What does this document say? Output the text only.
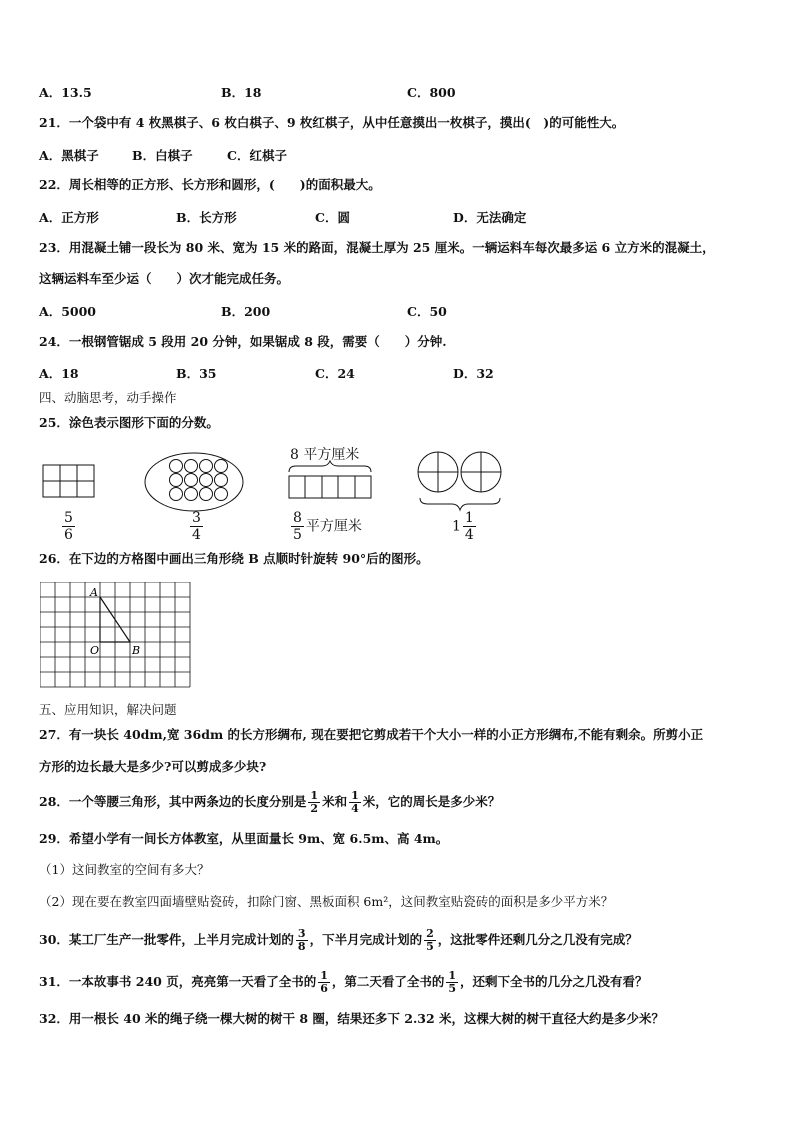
A．13.5	B．18	C．800
21．一个袋中有 4 枚黑棋子、6 枚白棋子、9 枚红棋子，从中任意摸出一枚棋子，摸出(　)的可能性大。
A．黑棋子	B．白棋子	C．红棋子
22．周长相等的正方形、长方形和圆形，(　　)的面积最大。
A．正方形	B．长方形	C．圆	D．无法确定
23．用混凝土铺一段长为 80 米、宽为 15 米的路面，混凝土厚为 25 厘米。一辆运料车每次最多运 6 立方米的混凝土，
这辆运料车至少运（　　）次才能完成任务。
A．5000	B．200	C．50
24．一根钢管锯成 5 段用 20 分钟，如果锯成 8 段，需要（　　）分钟.
A．18	B．35	C．24	D．32
四、动脑思考，动手操作
25．涂色表示图形下面的分数。
8 平方厘米
$\frac{5}{6}$	$\frac{3}{4}$	$\frac{8}{5}$ 平方厘米	$1 \frac{1}{4}$
26．在下边的方格图中画出三角形绕 B 点顺时针旋转 90°后的图形。
A
O	B
五、应用知识，解决问题
27．有一块长 40dm,宽 36dm 的长方形绸布, 现在要把它剪成若干个大小一样的小正方形绸布,不能有剩余。所剪小正
方形的边长最大是多少?可以剪成多少块?
28．一个等腰三角形，其中两条边的长度分别是 $\frac{1}{2}$ 米和 $\frac{1}{4}$ 米，它的周长是多少米？
29．希望小学有一间长方体教室，从里面量长 9m、宽 6.5m、高 4m。
（1）这间教室的空间有多大？
（2）现在要在教室四面墙壁贴瓷砖，扣除门窗、黑板面积 6m²，这间教室贴瓷砖的面积是多少平方米？
30．某工厂生产一批零件，上半月完成计划的 $\frac{3}{8}$ ，下半月完成计划的 $\frac{2}{5}$ ，这批零件还剩几分之几没有完成？
31．一本故事书 240 页，亮亮第一天看了全书的 $\frac{1}{6}$ ，第二天看了全书的 $\frac{1}{5}$ ，还剩下全书的几分之几没有看？
32．用一根长 40 米的绳子绕一棵大树的树干 8 圈，结果还多下 2.32 米，这棵大树的树干直径大约是多少米？
